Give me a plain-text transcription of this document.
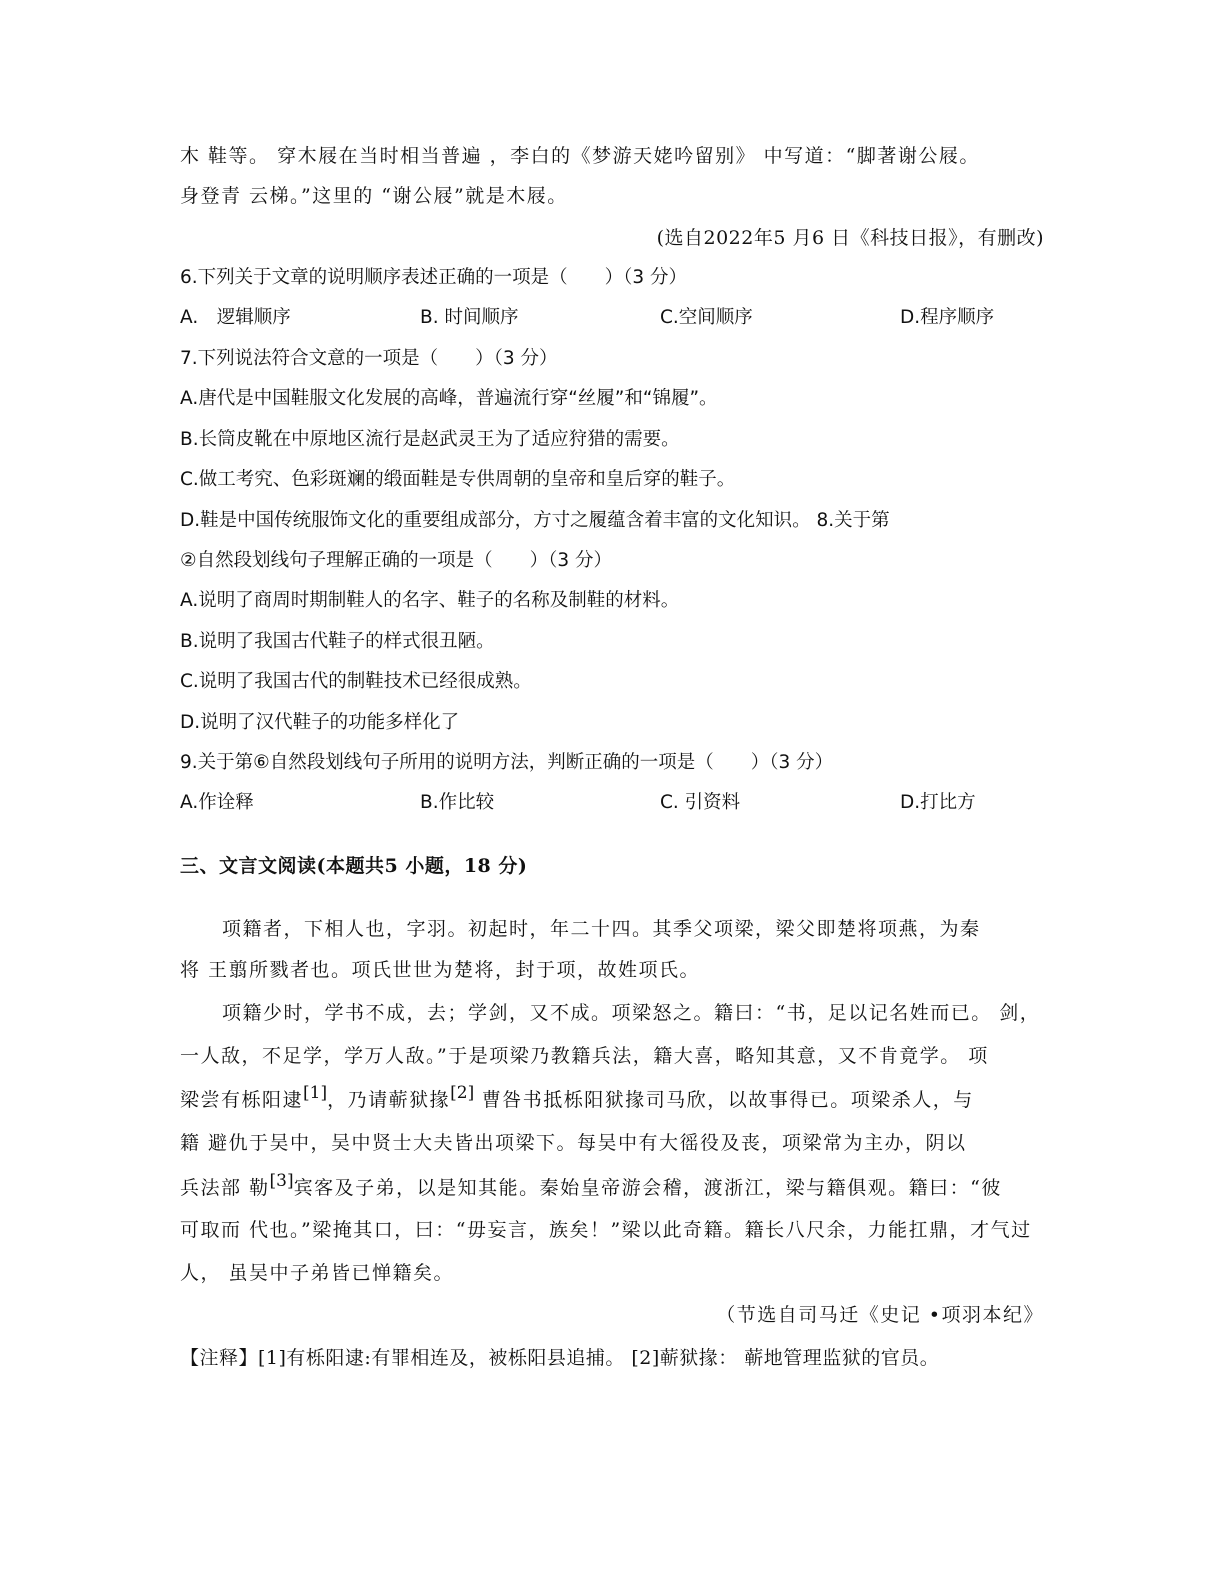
木 鞋等。 穿木屐在当时相当普遍 ，李白的《梦游天姥吟留别》 中写道：“脚著谢公屐。
身登青 云梯。”这里的 “谢公屐”就是木屐。
(选自2022年5 月6 日《科技日报》，有删改)
6.下列关于文章的说明顺序表述正确的一项是（　　）（3 分）
A.　逻辑顺序	B. 时间顺序	C.空间顺序	D.程序顺序
7.下列说法符合文意的一项是（　　）（3 分）
A.唐代是中国鞋服文化发展的高峰，普遍流行穿“丝履”和“锦履”。
B.长筒皮靴在中原地区流行是赵武灵王为了适应狩猎的需要。
C.做工考究、色彩斑斓的缎面鞋是专供周朝的皇帝和皇后穿的鞋子。
D.鞋是中国传统服饰文化的重要组成部分，方寸之履蕴含着丰富的文化知识。 8.关于第
②自然段划线句子理解正确的一项是（　　）（3 分）
A.说明了商周时期制鞋人的名字、鞋子的名称及制鞋的材料。
B.说明了我国古代鞋子的样式很丑陋。
C.说明了我国古代的制鞋技术已经很成熟。
D.说明了汉代鞋子的功能多样化了
9.关于第⑥自然段划线句子所用的说明方法，判断正确的一项是（　　）（3 分）
A.作诠释	B.作比较	C. 引资料	D.打比方
三、文言文阅读(本题共5 小题，18 分)
项籍者，下相人也，字羽。初起时，年二十四。其季父项梁，梁父即楚将项燕，为秦
将 王翦所戮者也。项氏世世为楚将，封于项，故姓项氏。
项籍少时，学书不成，去；学剑，又不成。项梁怒之。籍曰：“书，足以记名姓而已。 剑，
一人敌，不足学，学万人敌。”于是项梁乃教籍兵法，籍大喜，略知其意，又不肯竟学。 项
梁尝有栎阳逮[1]，乃请蕲狱掾[2] 曹咎书抵栎阳狱掾司马欣，以故事得已。项梁杀人，与
籍 避仇于吴中，吴中贤士大夫皆出项梁下。每吴中有大徭役及丧，项梁常为主办，阴以
兵法部 勒[3]宾客及子弟，以是知其能。秦始皇帝游会稽，渡浙江，梁与籍俱观。籍曰：“彼
可取而 代也。”梁掩其口，曰：“毋妄言，族矣！”梁以此奇籍。籍长八尺余，力能扛鼎，才气过
人， 虽吴中子弟皆已惮籍矣。
（节选自司马迁《史记 •项羽本纪》
【注释】[1]有栎阳逮:有罪相连及，被栎阳县追捕。 [2]蕲狱掾： 蕲地管理监狱的官员。
